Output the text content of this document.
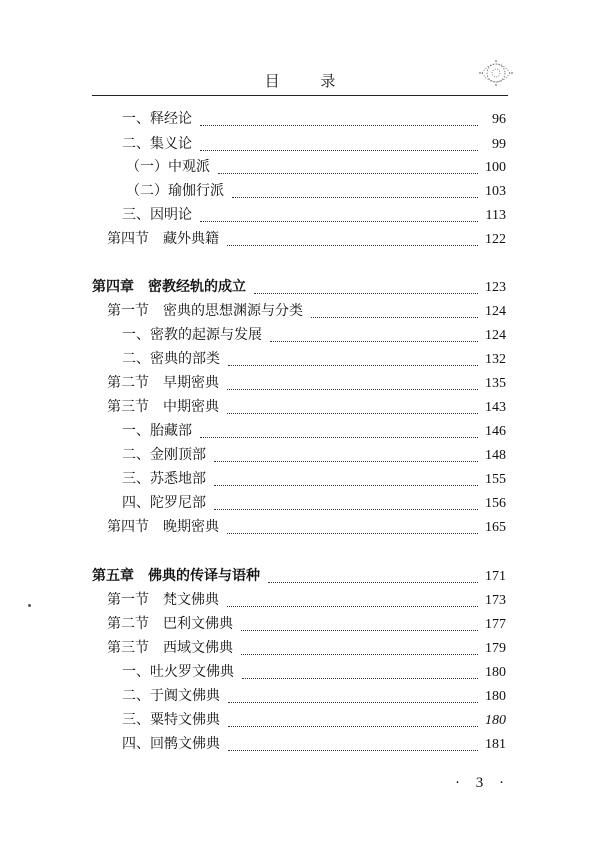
目 录
一、释经论	96
二、集义论	99
（一）中观派	100
（二）瑜伽行派	103
三、因明论	113
第四节　藏外典籍	122
第四章　密教经轨的成立	123
第一节　密典的思想渊源与分类	124
一、密教的起源与发展	124
二、密典的部类	132
第二节　早期密典	135
第三节　中期密典	143
一、胎藏部	146
二、金刚顶部	148
三、苏悉地部	155
四、陀罗尼部	156
第四节　晚期密典	165
第五章　佛典的传译与语种	171
第一节　梵文佛典	173
第二节　巴利文佛典	177
第三节　西域文佛典	179
一、吐火罗文佛典	180
二、于阗文佛典	180
三、粟特文佛典	180
四、回鹘文佛典	181
· 3 ·
